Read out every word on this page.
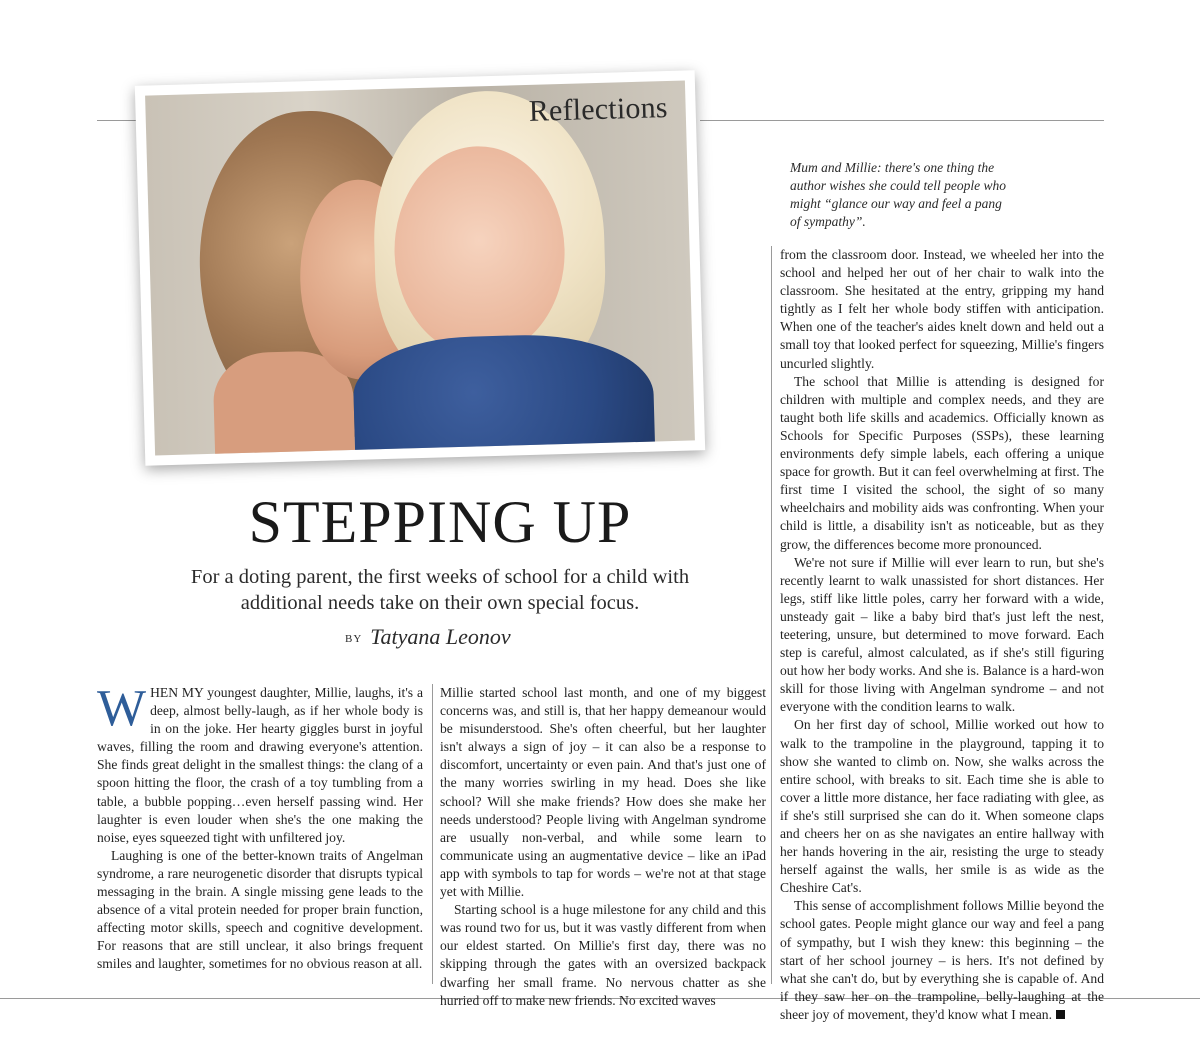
Reflections
Mum and Millie: there's one thing the author wishes she could tell people who might “glance our way and feel a pang of sympathy”.
STEPPING UP
For a doting parent, the first weeks of school for a child with additional needs take on their own special focus.
BY Tatyana Leonov

WHEN MY youngest daughter, Millie, laughs, it's a deep, almost belly-laugh, as if her whole body is in on the joke. Her hearty giggles burst in joyful waves, filling the room and drawing everyone's attention. She finds great delight in the smallest things: the clang of a spoon hitting the floor, the crash of a toy tumbling from a table, a bubble popping…even herself passing wind. Her laughter is even louder when she's the one making the noise, eyes squeezed tight with unfiltered joy.

Laughing is one of the better-known traits of Angelman syndrome, a rare neurogenetic disorder that disrupts typical messaging in the brain. A single missing gene leads to the absence of a vital protein needed for proper brain function, affecting motor skills, speech and cognitive development. For reasons that are still unclear, it also brings frequent smiles and laughter, sometimes for no obvious reason at all.

Millie started school last month, and one of my biggest concerns was, and still is, that her happy demeanour would be misunderstood. She's often cheerful, but her laughter isn't always a sign of joy – it can also be a response to discomfort, uncertainty or even pain. And that's just one of the many worries swirling in my head. Does she like school? Will she make friends? How does she make her needs understood? People living with Angelman syndrome are usually non-verbal, and while some learn to communicate using an augmentative device – like an iPad app with symbols to tap for words – we're not at that stage yet with Millie.

Starting school is a huge milestone for any child and this was round two for us, but it was vastly different from when our eldest started. On Millie's first day, there was no skipping through the gates with an oversized backpack dwarfing her small frame. No nervous chatter as she hurried off to make new friends. No excited waves

from the classroom door. Instead, we wheeled her into the school and helped her out of her chair to walk into the classroom. She hesitated at the entry, gripping my hand tightly as I felt her whole body stiffen with anticipation. When one of the teacher's aides knelt down and held out a small toy that looked perfect for squeezing, Millie's fingers uncurled slightly.

The school that Millie is attending is designed for children with multiple and complex needs, and they are taught both life skills and academics. Officially known as Schools for Specific Purposes (SSPs), these learning environments defy simple labels, each offering a unique space for growth. But it can feel overwhelming at first. The first time I visited the school, the sight of so many wheelchairs and mobility aids was confronting. When your child is little, a disability isn't as noticeable, but as they grow, the differences become more pronounced.

We're not sure if Millie will ever learn to run, but she's recently learnt to walk unassisted for short distances. Her legs, stiff like little poles, carry her forward with a wide, unsteady gait – like a baby bird that's just left the nest, teetering, unsure, but determined to move forward. Each step is careful, almost calculated, as if she's still figuring out how her body works. And she is. Balance is a hard-won skill for those living with Angelman syndrome – and not everyone with the condition learns to walk.

On her first day of school, Millie worked out how to walk to the trampoline in the playground, tapping it to show she wanted to climb on. Now, she walks across the entire school, with breaks to sit. Each time she is able to cover a little more distance, her face radiating with glee, as if she's still surprised she can do it. When someone claps and cheers her on as she navigates an entire hallway with her hands hovering in the air, resisting the urge to steady herself against the walls, her smile is as wide as the Cheshire Cat's.

This sense of accomplishment follows Millie beyond the school gates. People might glance our way and feel a pang of sympathy, but I wish they knew: this beginning – the start of her school journey – is hers. It's not defined by what she can't do, but by everything she is capable of. And if they saw her on the trampoline, belly-laughing at the sheer joy of movement, they'd know what I mean.
